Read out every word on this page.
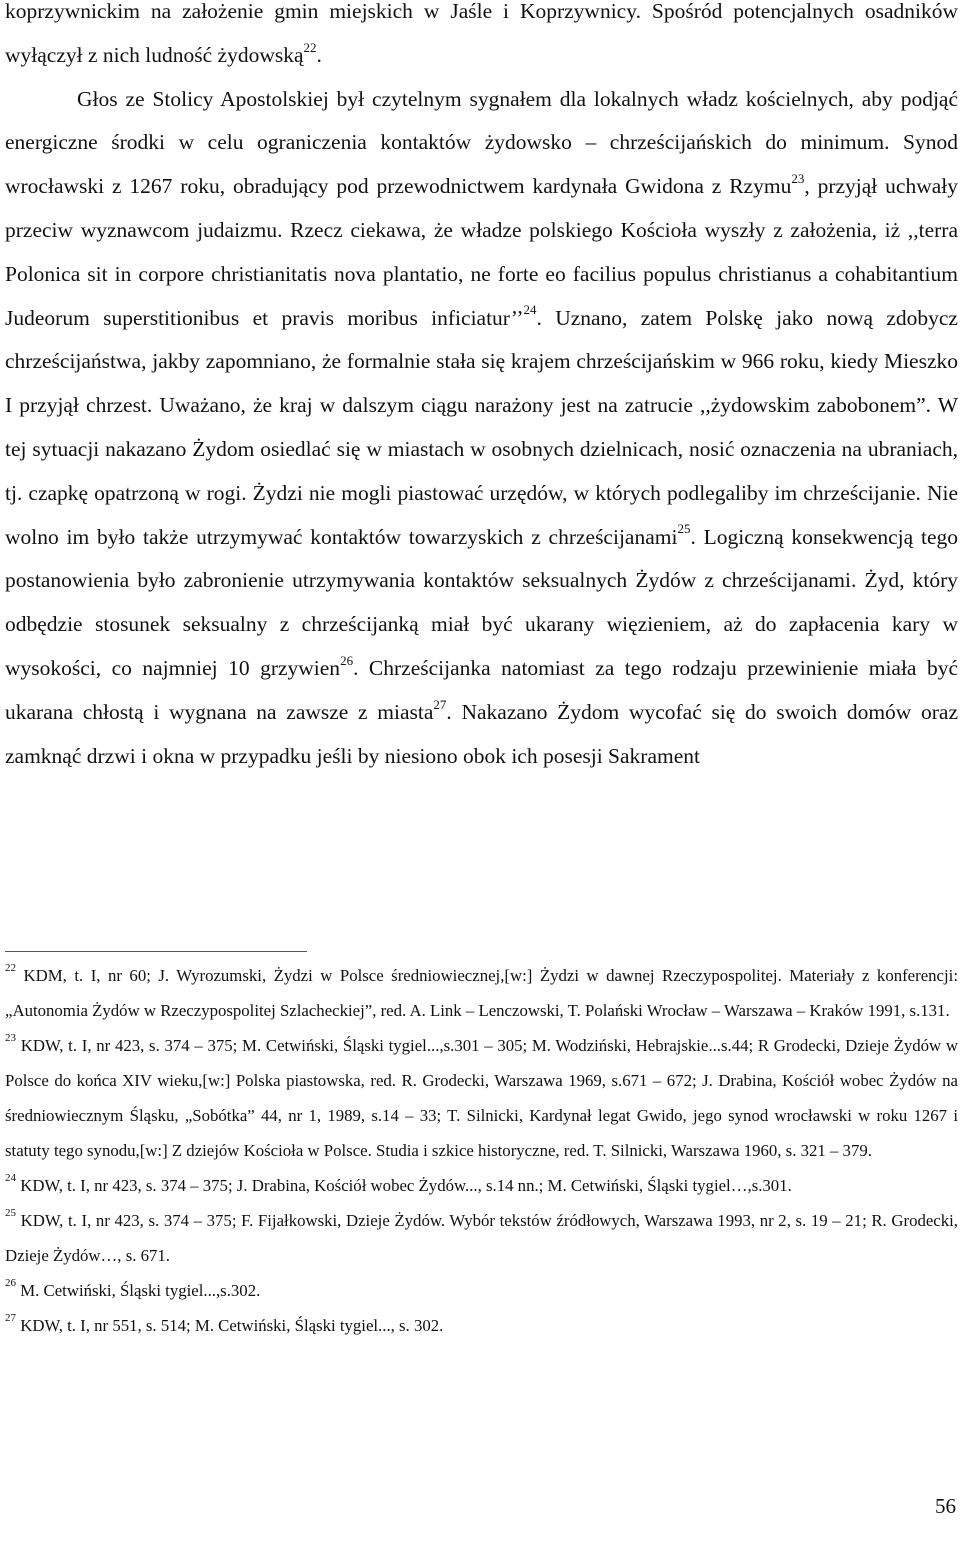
koprzywnickim na założenie gmin miejskich w Jaśle i Koprzywnicy. Spośród potencjalnych osadników wyłączył z nich ludność żydowską$^{22}$.
Głos ze Stolicy Apostolskiej był czytelnym sygnałem dla lokalnych władz kościelnych, aby podjąć energiczne środki w celu ograniczenia kontaktów żydowsko – chrześcijańskich do minimum. Synod wrocławski z 1267 roku, obradujący pod przewodnictwem kardynała Gwidona z Rzymu$^{23}$, przyjął uchwały przeciw wyznawcom judaizmu. Rzecz ciekawa, że władze polskiego Kościoła wyszły z założenia, iż ,,terra Polonica sit in corpore christianitatis nova plantatio, ne forte eo facilius populus christianus a cohabitantium Judeorum superstitionibus et pravis moribus inficiatur’’$^{24}$. Uznano, zatem Polskę jako nową zdobycz chrześcijaństwa, jakby zapomniano, że formalnie stała się krajem chrześcijańskim w 966 roku, kiedy Mieszko I przyjął chrzest. Uważano, że kraj w dalszym ciągu narażony jest na zatrucie ,,żydowskim zabobonem”. W tej sytuacji nakazano Żydom osiedlać się w miastach w osobnych dzielnicach, nosić oznaczenia na ubraniach, tj. czapkę opatrzoną w rogi. Żydzi nie mogli piastować urzędów, w których podlegaliby im chrześcijanie. Nie wolno im było także utrzymywać kontaktów towarzyskich z chrześcijanami$^{25}$. Logiczną konsekwencją tego postanowienia było zabronienie utrzymywania kontaktów seksualnych Żydów z chrześcijanami. Żyd, który odbędzie stosunek seksualny z chrześcijanką miał być ukarany więzieniem, aż do zapłacenia kary w wysokości, co najmniej 10 grzywien$^{26}$. Chrześcijanka natomiast za tego rodzaju przewinienie miała być ukarana chłostą i wygnana na zawsze z miasta$^{27}$. Nakazano Żydom wycofać się do swoich domów oraz zamknąć drzwi i okna w przypadku jeśli by niesiono obok ich posesji Sakrament

$^{22}$ KDM, t. I, nr 60; J. Wyrozumski, Żydzi w Polsce średniowiecznej,[w:] Żydzi w dawnej Rzeczypospolitej. Materiały z konferencji: „Autonomia Żydów w Rzeczypospolitej Szlacheckiej”, red. A. Link – Lenczowski, T. Polański Wrocław – Warszawa – Kraków 1991, s.131.

$^{23}$ KDW, t. I, nr 423, s. 374 – 375; M. Cetwiński, Śląski tygiel...,s.301 – 305; M. Wodziński, Hebrajskie...s.44; R Grodecki, Dzieje Żydów w Polsce do końca XIV wieku,[w:] Polska piastowska, red. R. Grodecki, Warszawa 1969, s.671 – 672; J. Drabina, Kościół wobec Żydów na średniowiecznym Śląsku, „Sobótka” 44, nr 1, 1989, s.14 – 33; T. Silnicki, Kardynał legat Gwido, jego synod wrocławski w roku 1267 i statuty tego synodu,[w:] Z dziejów Kościoła w Polsce. Studia i szkice historyczne, red. T. Silnicki, Warszawa 1960, s. 321 – 379.

$^{24}$ KDW, t. I, nr 423, s. 374 – 375; J. Drabina, Kościół wobec Żydów..., s.14 nn.; M. Cetwiński, Śląski tygiel…,s.301.

$^{25}$ KDW, t. I, nr 423, s. 374 – 375; F. Fijałkowski, Dzieje Żydów. Wybór tekstów źródłowych, Warszawa 1993, nr 2, s. 19 – 21; R. Grodecki, Dzieje Żydów…, s. 671.

$^{26}$ M. Cetwiński, Śląski tygiel...,s.302.

$^{27}$ KDW, t. I, nr 551, s. 514; M. Cetwiński, Śląski tygiel..., s. 302.

56
